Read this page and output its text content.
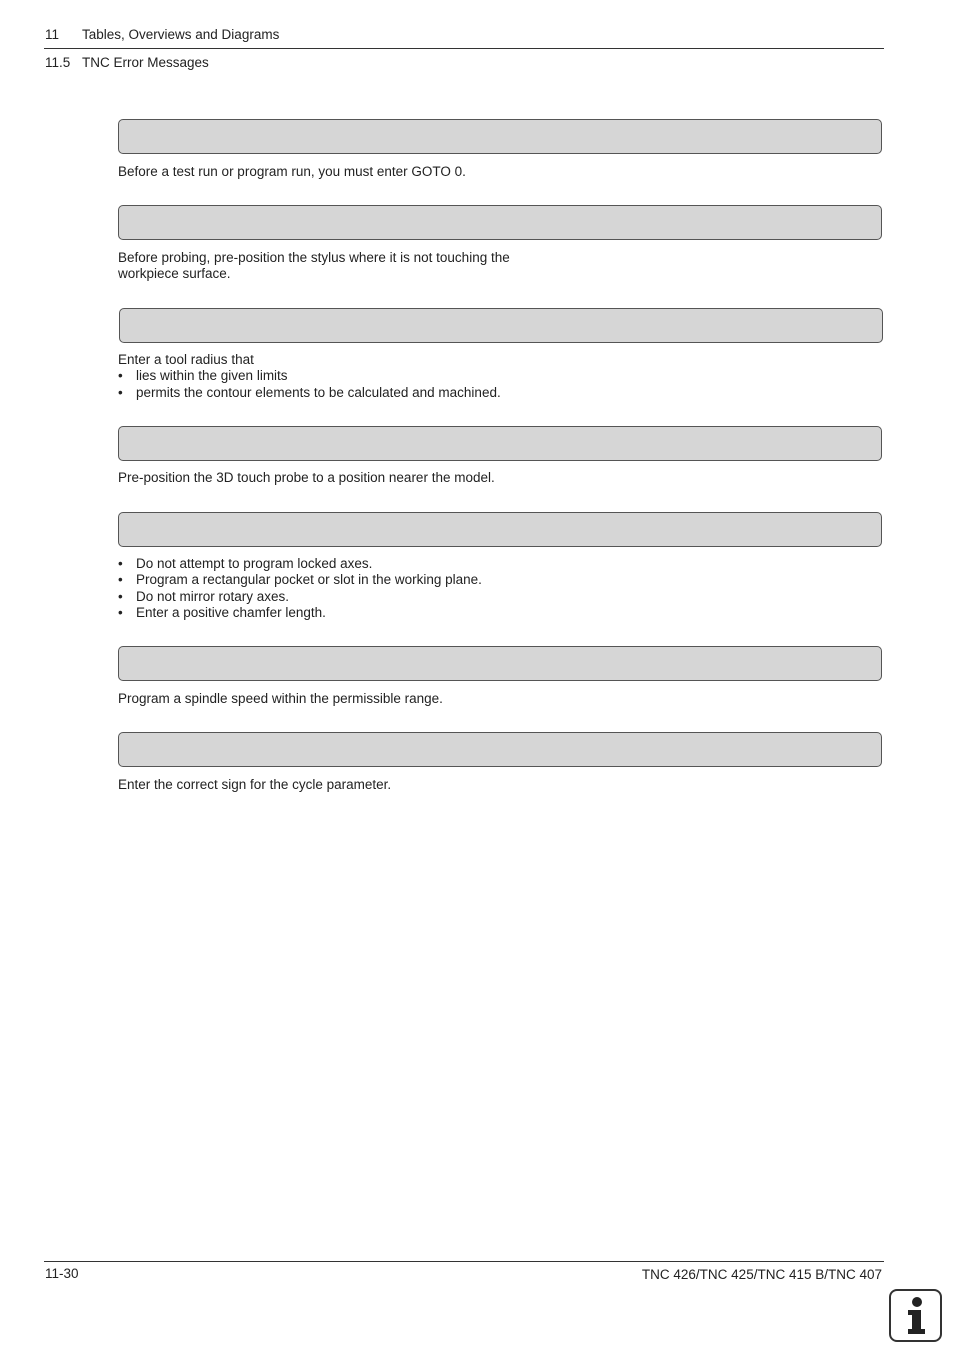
11 Tables, Overviews and Diagrams
11.5 TNC Error Messages

Before a test run or program run, you must enter GOTO 0.

Before probing, pre-position the stylus where it is not touching the

workpiece surface.

Enter a tool radius that

• lies within the given limits
• permits the contour elements to be calculated and machined.

Pre-position the 3D touch probe to a position nearer the model.

• Do not attempt to program locked axes.
• Program a rectangular pocket or slot in the working plane.
• Do not mirror rotary axes.
• Enter a positive chamfer length.

Program a spindle speed within the permissible range.

Enter the correct sign for the cycle parameter.

11-30	TNC 426/TNC 425/TNC 415 B/TNC 407
